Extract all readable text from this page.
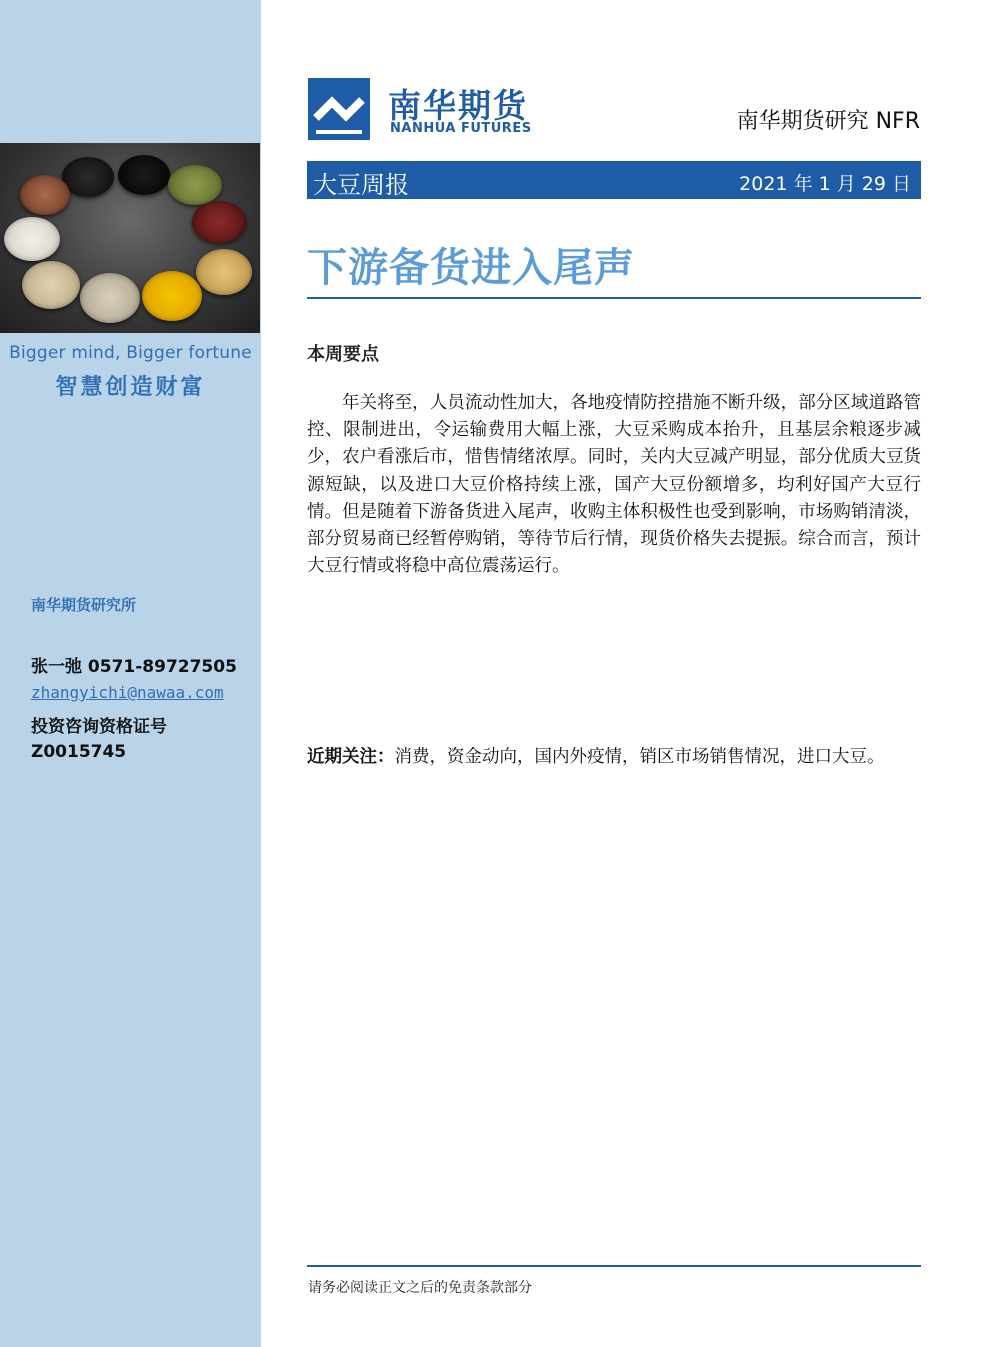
Bigger mind, Bigger fortune
智慧创造财富
南华期货研究所
张一弛 0571-89727505
zhangyichi@nawaa.com
投资咨询资格证号
Z0015745
南华期货
NANHUA FUTURES	南华期货研究 NFR
大豆周报	2021 年 1 月 29 日
下游备货进入尾声
本周要点

年关将至，人员流动性加大，各地疫情防控措施不断升级，部分区域道路管控、限制进出，令运输费用大幅上涨，大豆采购成本抬升，且基层余粮逐步减少，农户看涨后市，惜售情绪浓厚。同时，关内大豆减产明显，部分优质大豆货源短缺，以及进口大豆价格持续上涨，国产大豆份额增多，均利好国产大豆行情。但是随着下游备货进入尾声，收购主体积极性也受到影响，市场购销清淡，部分贸易商已经暂停购销，等待节后行情，现货价格失去提振。综合而言，预计大豆行情或将稳中高位震荡运行。

近期关注：消费，资金动向，国内外疫情，销区市场销售情况，进口大豆。
请务必阅读正文之后的免责条款部分
